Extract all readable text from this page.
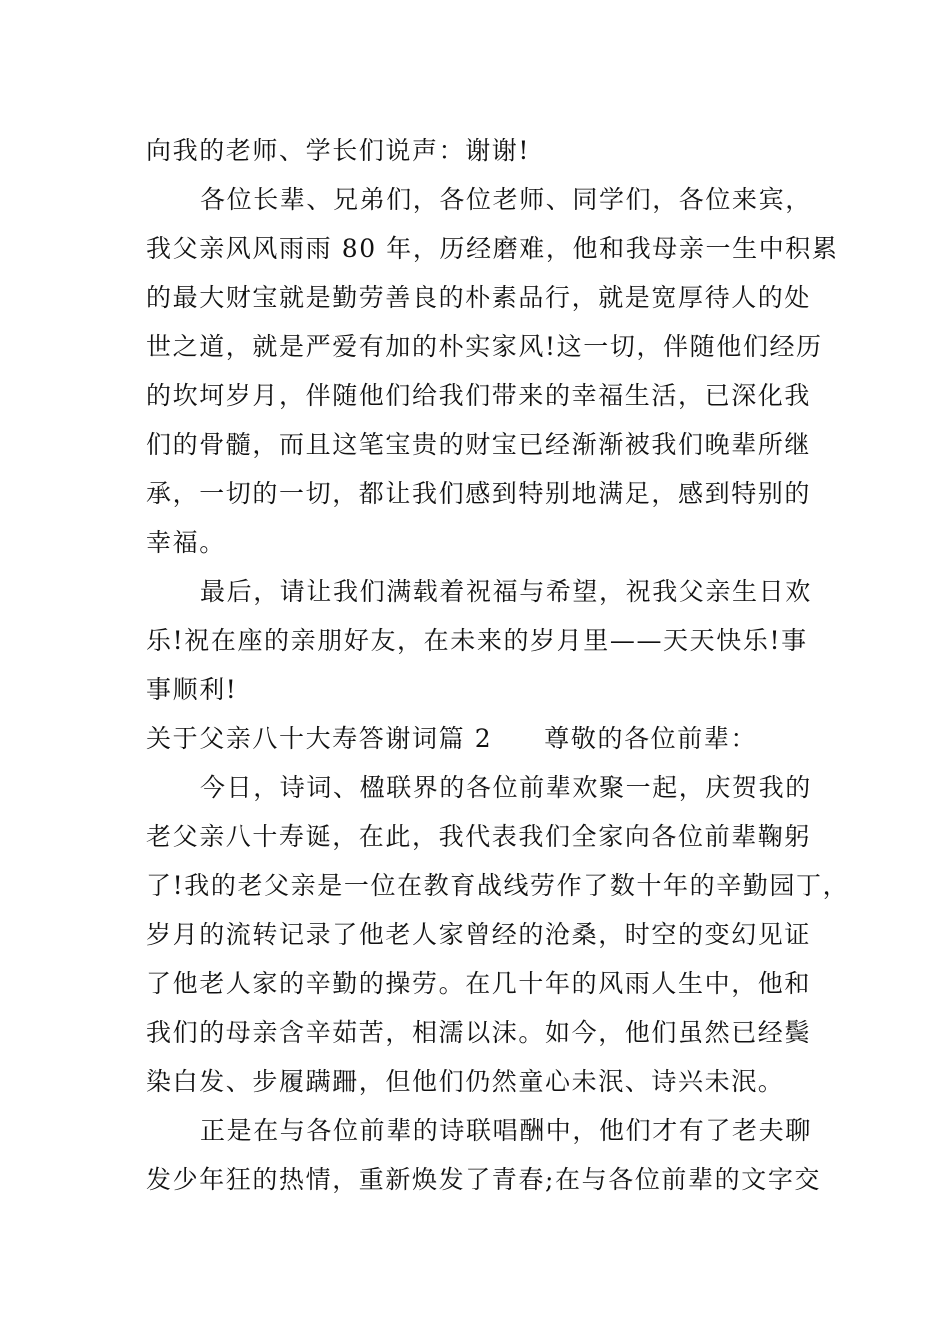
向我的老师、学长们说声：谢谢!
各位长辈、兄弟们，各位老师、同学们，各位来宾，
我父亲风风雨雨 80 年，历经磨难，他和我母亲一生中积累
的最大财宝就是勤劳善良的朴素品行，就是宽厚待人的处
世之道，就是严爱有加的朴实家风!这一切，伴随他们经历
的坎坷岁月，伴随他们给我们带来的幸福生活，已深化我
们的骨髓，而且这笔宝贵的财宝已经渐渐被我们晚辈所继
承，一切的一切，都让我们感到特别地满足，感到特别的
幸福。
最后，请让我们满载着祝福与希望，祝我父亲生日欢
乐!祝在座的亲朋好友，在未来的岁月里——天天快乐!事
事顺利!
关于父亲八十大寿答谢词篇 2 尊敬的各位前辈：
今日，诗词、楹联界的各位前辈欢聚一起，庆贺我的
老父亲八十寿诞，在此，我代表我们全家向各位前辈鞠躬
了!我的老父亲是一位在教育战线劳作了数十年的辛勤园丁，
岁月的流转记录了他老人家曾经的沧桑，时空的变幻见证
了他老人家的辛勤的操劳。在几十年的风雨人生中，他和
我们的母亲含辛茹苦，相濡以沫。如今，他们虽然已经鬓
染白发、步履蹒跚，但他们仍然童心未泯、诗兴未泯。
正是在与各位前辈的诗联唱酬中，他们才有了老夫聊
发少年狂的热情，重新焕发了青春;在与各位前辈的文字交
